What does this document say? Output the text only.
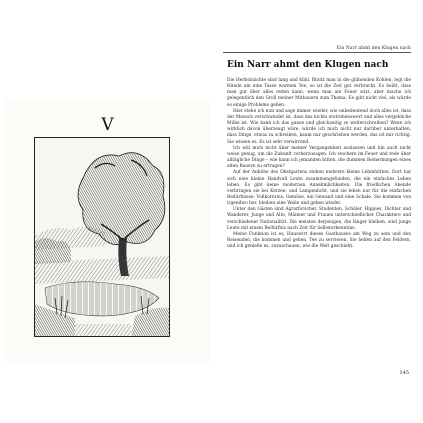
V
Ein Narr ahmt den Klugen nach
Ein Narr ahmt den Klugen nach

Die Herbstnächte sind lang und kühl. Blickt man in die glühenden Kohlen, legt die Hände um eine Tasse warmen Tee, so ist die Zeit gut verbracht. Es heißt, dass man gut über alles reden kann, wenn man am Feuer sitzt, aber mache ich gelegentlich den Groll meiner Mitbauern zum Thema. Es gibt nicht viel, als würde es einige Probleme geben.

Hier stehe ich nun und sage immer wieder, wie unbedeutend doch alles ist, dass der Mensch verschwindet ist, dass das nichts erstrebenswert und alles vergebliche Mühe ist. Wie kann ich das ganze und gleichzeitig so weiterschreiben? Wenn ich wirklich davon überzeugt wäre, würde ich mich nicht nur darüber unterhalten, dass Dinge, etwas zu schreiben, kaum nur geschrieben werden, das ist mir richtig. Sie wissen es. Es ist sehr verwirrend.

Ich will mich nicht über meiner Vergangenheit auslassen und bin auch nicht weise genug, um die Zukunft vorherzusagen. Ich stochere im Feuer und rede über alltägliche Dinge – wie kann ich jemanden bitten, die dummen Bemerkungen eines alten Bauern zu ertragen?

Auf der Anhöhe des Obstgartens stehen mehrere kleine Lehmhütten. Dort hat sich eine kleine Handvoll Leute zusammengefunden, die ein einfaches Leben leben. Es gibt keine modernen Annehmlichkeiten. Die friedlichen Abende verbringen sie bei Kerzen- und Lampenlicht, und sie leben nur für die einfachen Bedürfnisse: Vollkornreis, Gemüse, ein Gewand und eine Schale. Sie kommen von irgendwo her, bleiben eine Weile und gehen wieder.

Unter den Gästen sind Agrarforscher, Studenten, Schüler, Hippies, Dichter und Wanderer, Junge und Alte, Männer und Frauen unterschiedlicher Charaktere und verschiedener Nationalität. Die meisten derjenigen, die länger bleiben, sind junge Leute mit einem Bedürfnis nach Zeit für Selbsterkenntnis.

Meine Funktion ist es, Hauswirt dieses Gasthauses am Weg zu sein und den Reisenden, die kommen und gehen, Tee zu servieren. Sie helfen auf den Feldern, und ich genieße es, zuzuschauen, wie die Welt geschieht.

145
